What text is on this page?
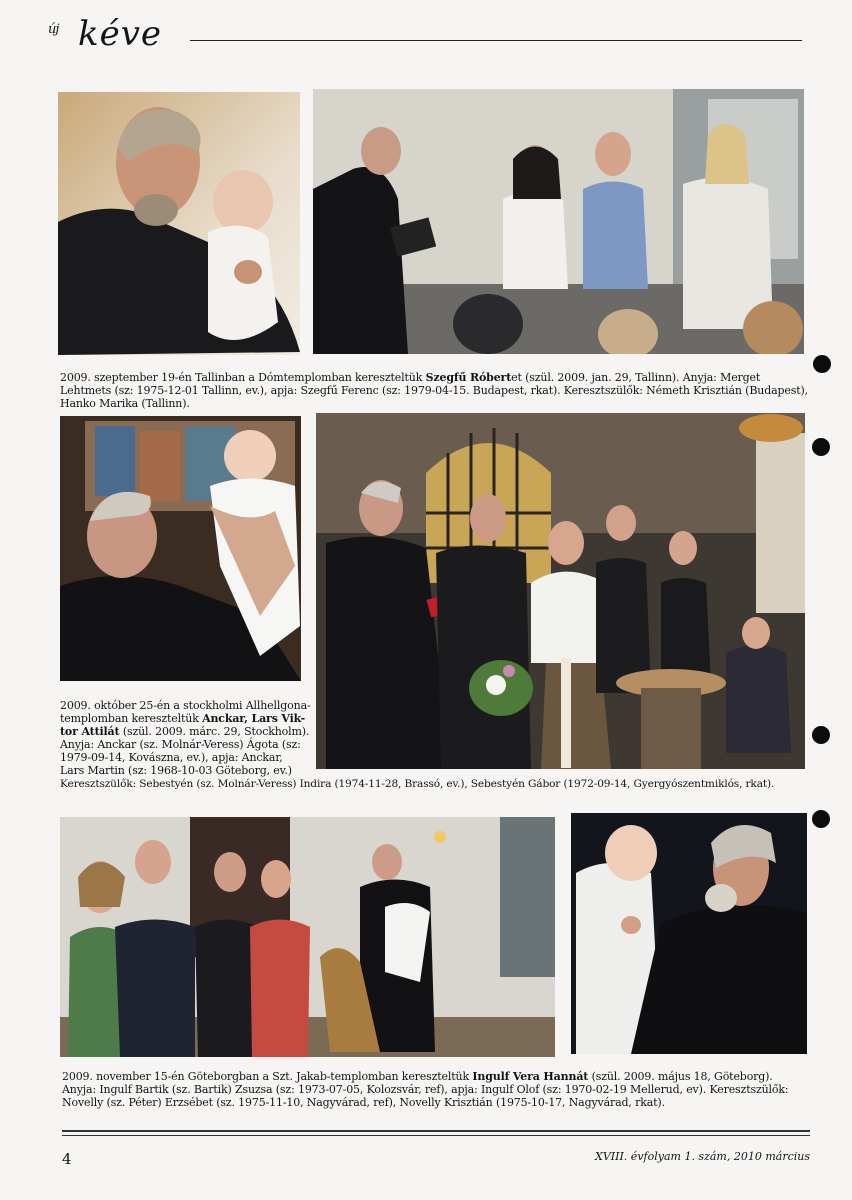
új kéve
2009. szeptember 19-én Tallinban a Dómtemplomban kereszteltük Szegfű Róbertet (szül. 2009. jan. 29, Tallinn). Anyja: Merget Lehtmets (sz: 1975-12-01 Tallinn, ev.), apja: Szegfű Ferenc (sz: 1979-04-15. Budapest, rkat). Keresztszülők: Németh Krisztián (Budapest), Hanko Marika (Tallinn).
2009. október 25-én a stockholmi Allhellgona-
templomban kereszteltük Anckar, Lars Vik-
tor Attilát (szül. 2009. márc. 29, Stockholm).
Anyja: Anckar (sz. Molnár-Veress) Ágota (sz:
1979-09-14, Kovászna, ev.), apja: Anckar,
Lars Martin (sz: 1968-10-03 Göteborg, ev.)
Keresztszülők: Sebestyén (sz. Molnár-Veress) Indira (1974-11-28, Brassó, ev.), Sebestyén Gábor (1972-09-14, Gyergyószentmiklós, rkat).
2009. november 15-én Göteborgban a Szt. Jakab-templomban kereszteltük Ingulf Vera Hannát (szül. 2009. május 18, Göteborg). Anyja: Ingulf Bartik (sz. Bartik) Zsuzsa (sz: 1973-07-05, Kolozsvár, ref), apja: Ingulf Olof (sz: 1970-02-19 Mellerud, ev). Keresztszülők: Novelly (sz. Péter) Erzsébet (sz. 1975-11-10, Nagyvárad, ref), Novelly Krisztián (1975-10-17, Nagyvárad, rkat).
4	XVIII. évfolyam 1. szám, 2010 március
